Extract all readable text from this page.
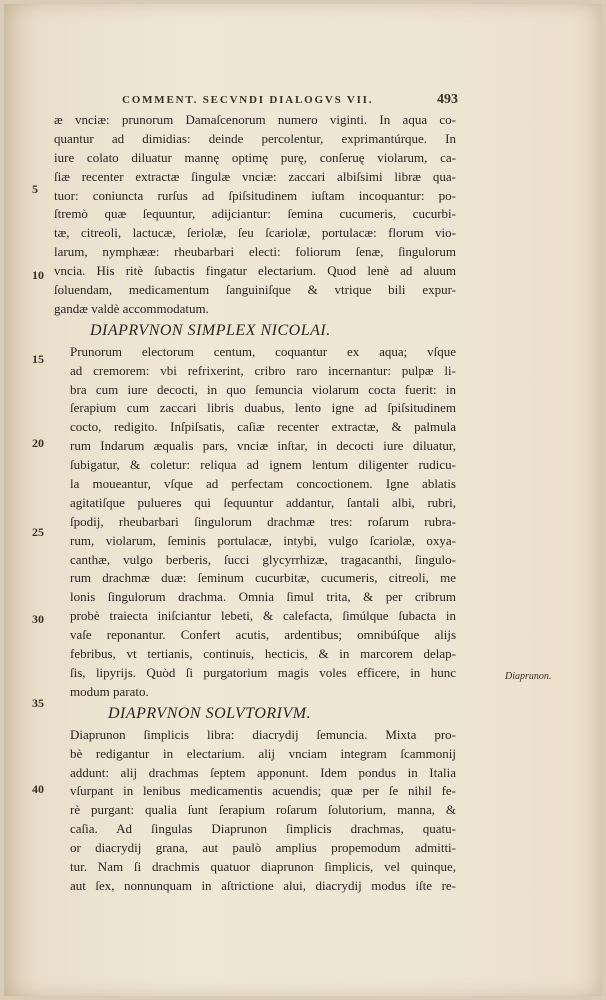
COMMENT. SECVNDI DIALOGVS VII.	493
æ vnciæ: prunorum Damaſcenorum numero viginti. In aqua co-
quantur ad dimidias: deinde percolentur, exprimantúrque. In
iure colato diluatur mannę optimę purę, conſeruę violarum, ca-
ſiæ recenter extractæ ſingulæ vnciæ: zaccari albiſsimi libræ qua-
tuor: coniuncta rurſus ad ſpiſsitudinem iuſtam incoquantur: po-
ſtremò quæ ſequuntur, adijciantur: ſemina cucumeris, cucurbi-
tæ, citreoli, lactucæ, ſeriolæ, ſeu ſcariolæ, portulacæ: florum vio-
larum, nymphææ: rheubarbari electi: foliorum ſenæ, ſingulorum
vncia. His ritè ſubactis fingatur electarium. Quod lenè ad aluum
ſoluendam, medicamentum ſanguiniſque & vtrique bili expur-
gandæ valdè accommodatum.
DIAPRVNON SIMPLEX NICOLAI.
Prunorum electorum centum, coquantur ex aqua; vſque
ad cremorem: vbi refrixerint, cribro raro incernantur: pulpæ li-
bra cum iure decocti, in quo ſemuncia violarum cocta fuerit: in
ſerapium cum zaccari libris duabus, lento igne ad ſpiſsitudinem
cocto, redigito. Inſpiſsatis, caſiæ recenter extractæ, & palmula
rum Indarum æqualis pars, vnciæ inſtar, in decocti iure diluatur,
ſubigatur, & coletur: reliqua ad ignem lentum diligenter rudicu-
la moueantur, vſque ad perfectam concoctionem. Igne ablatis
agitatiſque pulueres qui ſequuntur addantur, ſantali albi, rubri,
ſpodij, rheubarbari ſingulorum drachmæ tres: roſarum rubra-
rum, violarum, ſeminis portulacæ, intybi, vulgo ſcariolæ, oxya-
canthæ, vulgo berberis, ſucci glycyrrhizæ, tragacanthi, ſingulo-
rum drachmæ duæ: ſeminum cucurbitæ, cucumeris, citreoli, me
lonis ſingulorum drachma. Omnia ſimul trita, & per cribrum
probè traiecta iniſciantur lebeti, & calefacta, ſimúlque ſubacta in
vaſe reponantur. Confert acutis, ardentibus; omnibúſque alijs
febribus, vt tertianis, continuis, hecticis, & in marcorem delap-
ſis, lipyrijs. Quòd ſi purgatorium magis voles efficere, in hunc
modum parato.
DIAPRVNON SOLVTORIVM.
Diaprunon ſimplicis libra: diacrydij ſemuncia. Mixta pro-
bè redigantur in electarium. alij vnciam integram ſcammonij
addunt: alij drachmas ſeptem apponunt. Idem pondus in Italia
vſurpant in lenibus medicamentis acuendis; quæ per ſe nihil fe-
rè purgant: qualia ſunt ſerapium roſarum ſolutorium, manna, &
caſia. Ad ſingulas Diaprunon ſimplicis drachmas, quatu-
or diacrydij grana, aut paulò amplius propemodum admitti-
tur. Nam ſi drachmis quatuor diaprunon ſimplicis, vel quinque,
aut ſex, nonnunquam in aſtrictione alui, diacrydij modus iſte re-
5
10
15
20
25
30
35
40
Diaprunon.
